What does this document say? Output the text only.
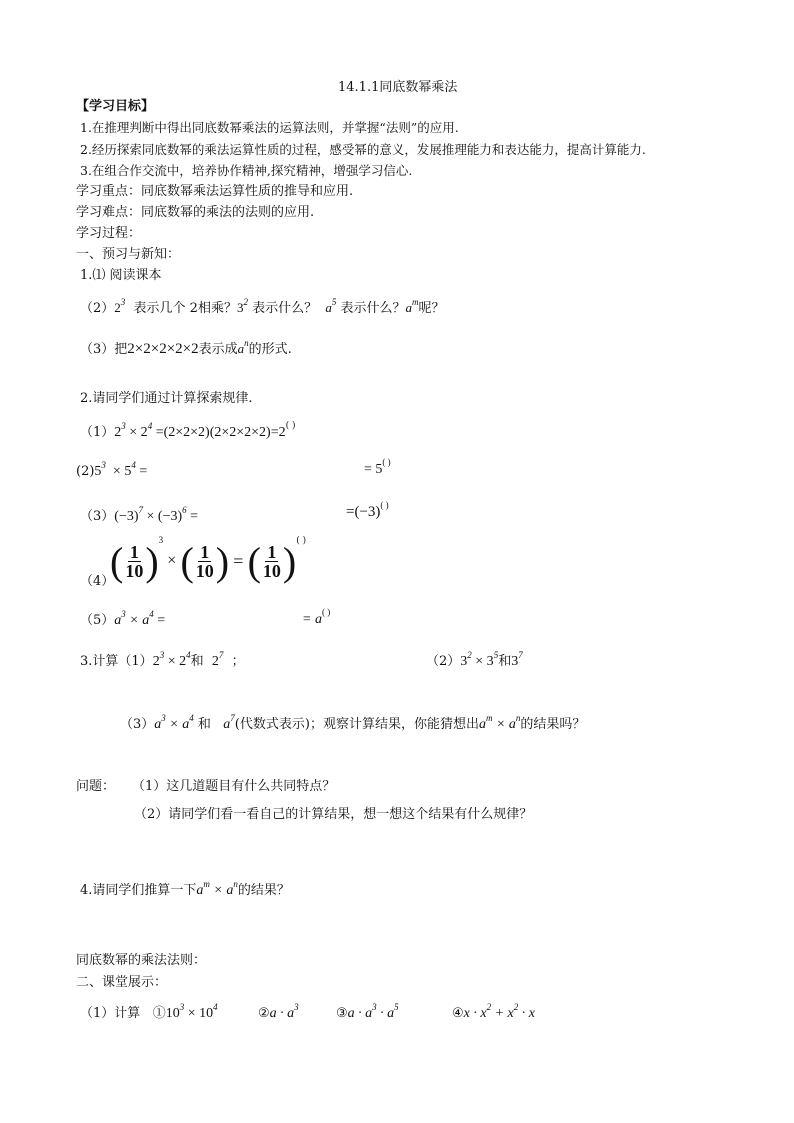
14.1.1同底数幂乘法
【学习目标】
1.在推理判断中得出同底数幂乘法的运算法则，并掌握“法则”的应用.
2.经历探索同底数幂的乘法运算性质的过程，感受幂的意义，发展推理能力和表达能力，提高计算能力.
3.在组合作交流中，培养协作精神,探究精神，增强学习信心.
学习重点：同底数幂乘法运算性质的推导和应用.
学习难点：同底数幂的乘法的法则的应用.
学习过程：
一、预习与新知：
1.⑴ 阅读课本
$(2)2^3$ 表示几个 2相乘？$3^2$ 表示什么？ $a^5$ 表示什么？$a^m$呢？
（3）把2×2×2×2×2表示成$a^n$的形式.
2.请同学们通过计算探索规律.
$(1)2^3 \times 2^4 =(2\times 2\times 2)(2\times 2\times 2\times 2)=2^{( )}$
$(2)5^3 \times 5^4$ =	= 5( )
$(3)(-3)^7 \times (-3)^6$ =	=(−3)( )
（4）
( $\frac{1}{10}$ ) $^3$ × ( $\frac{1}{10}$ ) = ( $\frac{1}{10}$ ) ( )
$(5)a^3 \times a^4$ =	= a( )
3.计算$(1)2^3 \times 2^4$和 $2^7$ ；	$(2)3^2 \times 3^5$和$3^7$
$(3)a^3 \times a^4$ 和 $a^7$(代数式表示)；观察计算结果，你能猜想出$a^m \times a^n$的结果吗？
问题： （1）这几道题目有什么共同特点？
（2）请同学们看一看自己的计算结果，想一想这个结果有什么规律？
4.请同学们推算一下$a^m \times a^n$的结果？
同底数幂的乘法法则：
二、课堂展示：
（1）计算 $①10^3 \times 10^4$	②a · $a^3$	③a · $a^3 \cdot a^5$	④x · $x^2 + x^2 \cdot x$
